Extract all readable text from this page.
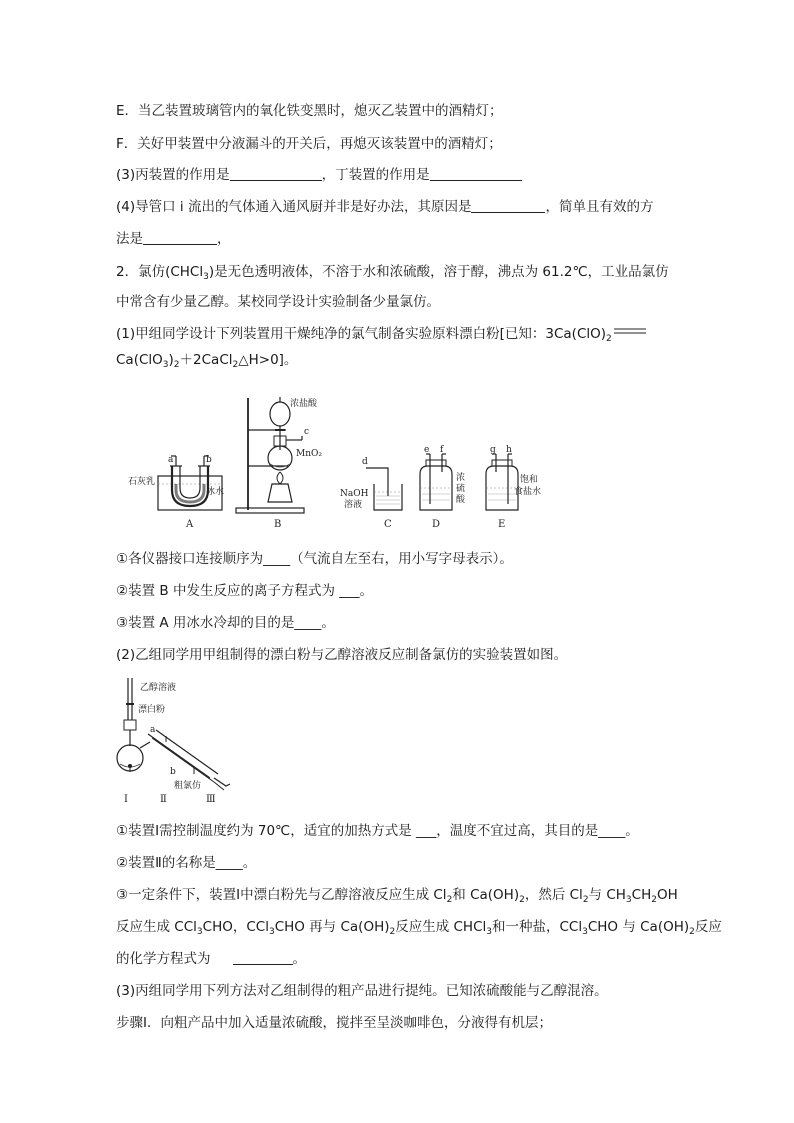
E．当乙装置玻璃管内的氧化铁变黑时，熄灭乙装置中的酒精灯；
F．关好甲装置中分液漏斗的开关后，再熄灭该装置中的酒精灯；
(3)丙装置的作用是	，丁装置的作用是
(4)导管口 i 流出的气体通入通风厨并非是好办法，其原因是	，简单且有效的方
法是	，
2．氯仿(CHCl$_3$)是无色透明液体，不溶于水和浓硫酸，溶于醇，沸点为 61.2℃，工业品氯仿
中常含有少量乙醇。某校同学设计实验制备少量氯仿。
(1)甲组同学设计下列装置用干燥纯净的氯气制备实验原料漂白粉[已知：$3Ca(ClO)_2$
$Ca(ClO_3)_2+2CaCl_2\triangle H>0$]。
a	b
石灰乳
冰水
A
浓盐酸
c
MnO₂
B
d
NaOH
溶液
C
e f
浓
硫
酸
D
g h
饱和
食盐水
E
①各仪器接口连接顺序为____（气流自左至右，用小写字母表示）。
②装置 B 中发生反应的离子方程式为 ___。
③装置 A 用冰水冷却的目的是____。
(2)乙组同学用甲组制得的漂白粉与乙醇溶液反应制备氯仿的实验装置如图。
乙醇溶液
漂白粉
a
b
粗氯仿
Ⅰ	Ⅱ	Ⅲ
①装置Ⅰ需控制温度约为 70℃，适宜的加热方式是 ___，温度不宜过高，其目的是____。
②装置Ⅱ的名称是____。
③一定条件下，装置Ⅰ中漂白粉先与乙醇溶液反应生成 $Cl_2$和 $Ca(OH)_2$，然后 $Cl_2$与 $CH_3CH_2OH$
反应生成 CCl$_3$CHO，CCl$_3$CHO 再与 $Ca(OH)_2$反应生成 CHCl$_3$和一种盐，CCl$_3$CHO 与 $Ca(OH)_2$反应
的化学方程式为	。
(3)丙组同学用下列方法对乙组制得的粗产品进行提纯。已知浓硫酸能与乙醇混溶。
步骤Ⅰ．向粗产品中加入适量浓硫酸，搅拌至呈淡咖啡色，分液得有机层；
